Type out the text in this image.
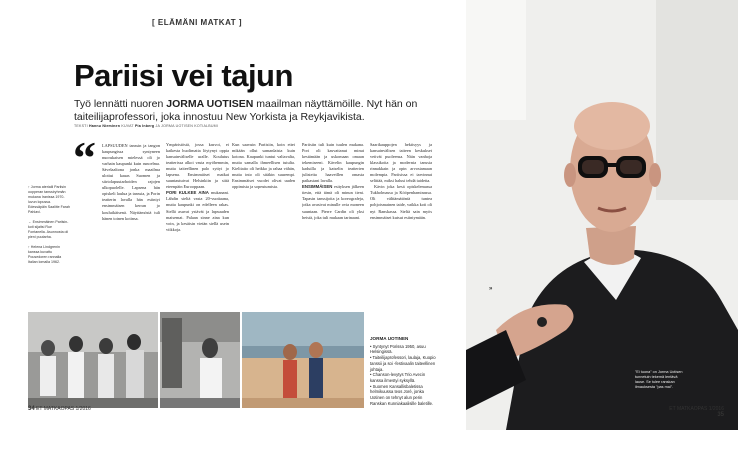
[ ELÄMÄNI MATKAT ]
Pariisi vei tajun
Työ lennätti nuoren JORMA UOTISEN maailman näyttämöille. Nyt hän on taiteilijaprofessori, joka innostuu New Yorkista ja Reykjavikista.
TEKSTI Hannu Nieminen KUVAT Pia Inberg JA JORMA UOTISEN KOTIALBUMI
“

↑ Jorma ateriaili Pariisin oopperan tanssiryhmän mukana Iranissa 1970-luvun lopussa. Edessäpäin Saaliite Farah Pahlavi.

← Ensimmäinen Pariisin-koti sijaitsi Rue Fontanella. Asunnosta oli pieni puutarha.

↑ Helena Lindgrenin kanssa kuvattu Pousedoren rannalla Italian lomalla 1962.

LAPSUUDEN tanssin ja tangon kaupungissa syntyneen nuorukaisen mielessä oli jo varhain kaupunki kuin runoelma. Sävelaaltona jonka maailma ulottui kauas Suomen ja siirtolapuutarhoiden rajojen ulkopuolelle. Lapsena hän opiskeli laulua ja tanssia, ja Porin teatterin lavalla hän esiintyi ensimmäisen kerran jo kouluikäisenä. Näyttämöstä tuli hänen toinen kotinsa.

Ympäristöstä, jossa kasvoi, ei kaikesta huolimatta löytynyt oppia kansainväliselle uralle. Koulutus teatterissa alkoi vasta myöhemmin, mutta taiteellinen palo syttyi jo lapsena. Ensimmäiset matkat suuntautuivat Helsinkiin ja siitä eteenpäin Eurooppaan.

PORI KULKEE AINA mukanani. Lähdin sieltä vasta 20-vuotiaana, mutta kaupunki on edelleen rakas. Siellä asuvat ystävät ja lapsuuden maisemat. Palaan sinne aina kun voin, ja kesäisin vietän siellä usein viikkoja.

Kun saavuin Pariisiin, koin ettei mikään ollut samanlaista kuin kotona. Kaupunki tuntui valtavalta, mutta samalla ihmeellisen tutulta. Kielitaito oli heikko ja rahaa vähän, mutta into oli sitäkin suurempi. Ensimmäiset vuodet olivat uuden oppimista ja sopeutumista.

Pariisiin tuli kuin tuulen mukana. Pori oli kasvattanut minut kestämään ja uskomaan omaan tekemiseeni. Kävelin kaupungin kaduilla ja katselin teatterien julisteita haaveillen omasta paikastani lavalla.

ENSIMMÄISEN esityksen jälkeen tiesin, että tämä oli minun tieni. Tapasin tanssijoita ja koreografeja, jotka avasivat minulle ovia moneen suuntaan. Pierre Cardin oli yksi heistä, joka tuli mukaan tarinaani.

Saarikauppojen hektisyys ja kansainvälisen taiteen keskukset vetivät puoleensa. Näin vanhoja klassikoita ja modernia tanssia rinnakkain ja opin arvostamaan molempia. Pariisissa ei tarvinnut selittää, miksi halusi tehdä taidetta.

Kävin joka kesä opiskelemassa Tukholmassa ja Kööpenhaminassa. Oli välttämätöntä tuntea pohjoismainen taide, vaikka koti oli nyt Ranskassa. Sieltä sain myös ensimmäiset kutsut esiintymään.

»
JORMA UOTINEN
• Syntynyt Porissa 1950, asuu Helsingissä.
• Taiteilijaprofessori, laulaja, Kuopio tanssii ja soi -festivaalin taiteellinen johtaja.
• Chanson-levytys Trio Avecin kanssa ilmestyi syksyllä.
• Suomen Kansallisbaletissa helmikuussa teos Jorè, jonka Uotinen on tehnyt alun perin Ranskan Kunniakaalisille baletille.
"Ei tuona" on Jorma Uotisen tunnetuin tekemä lentävä lause. Se tulee ranskan ilmauksesta "pas mal".
34 ET MATKAOPAS 1/2016	ET MATKAOPAS 1/2016 35
